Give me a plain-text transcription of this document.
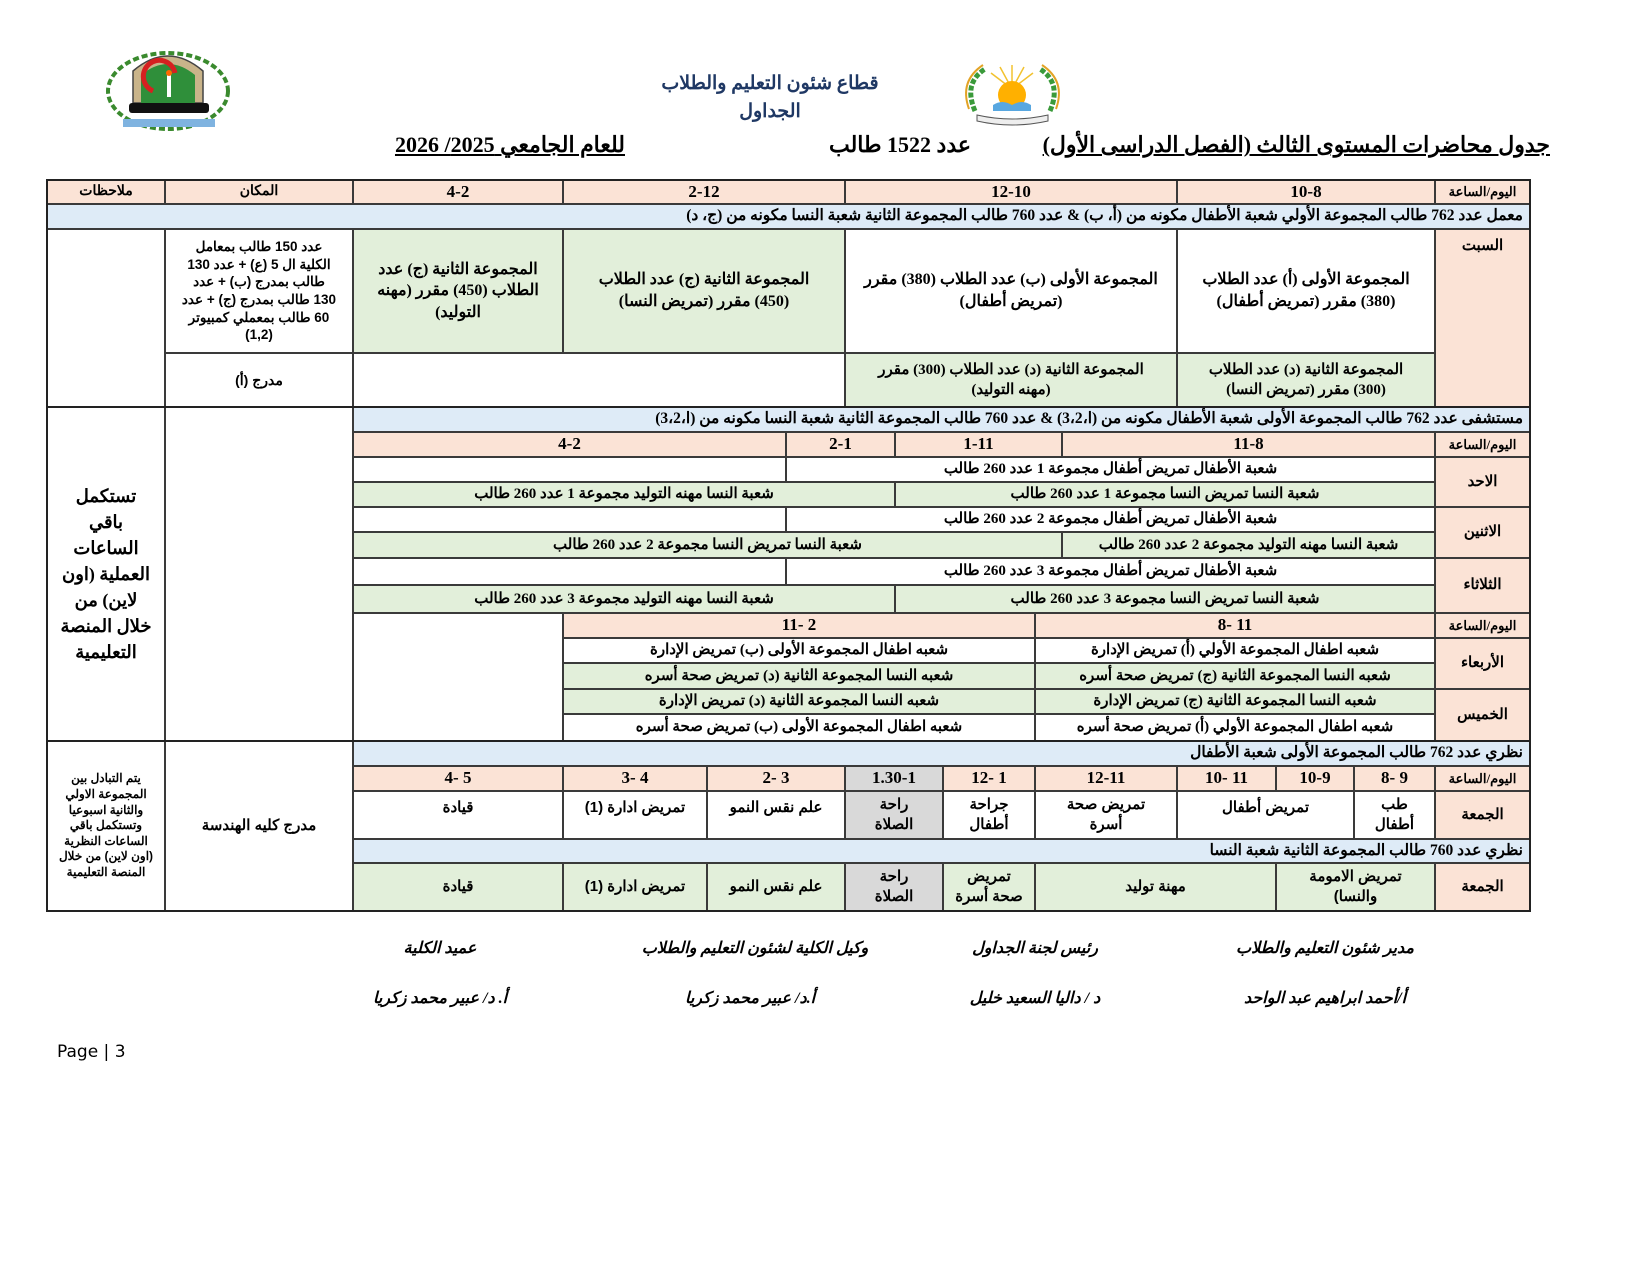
قطاع شئون التعليم والطلاب
الجداول
جدول محاضرات المستوى الثالث (الفصل الدراسى الأول)
عدد 1522 طالب
للعام الجامعي 2025/ 2026
اليوم/الساعة
10-8
12-10
2-12
4-2
المكان
ملاحظات
معمل عدد 762 طالب المجموعة الأولي شعبة الأطفال مكونه من (أ، ب) & عدد 760 طالب المجموعة الثانية شعبة النسا مكونه من (ج، د)
السبت
المجموعة الأولى (أ) عدد الطلاب (380) مقرر (تمريض أطفال)
المجموعة الأولى (ب) عدد الطلاب (380) مقرر (تمريض أطفال)
المجموعة الثانية (ج) عدد الطلاب (450) مقرر (تمريض النسا)
المجموعة الثانية (ج) عدد الطلاب (450) مقرر (مهنه التوليد)
عدد 150 طالب بمعامل الكلية ال 5 (ع) + عدد 130 طالب بمدرج (ب) + عدد 130 طالب بمدرج (ج) + عدد 60 طالب بمعملي كمبيوتر (1,2)
المجموعة الثانية (د) عدد الطلاب (300) مقرر (تمريض النسا)
المجموعة الثانية (د) عدد الطلاب (300) مقرر (مهنه التوليد)
مدرج (أ)
مستشفى عدد 762 طالب المجموعة الأولى شعبة الأطفال مكونه من (ا،3،2) & عدد 760 طالب المجموعة الثانية شعبة النسا مكونه من (ا،3،2)
تستكمل باقي الساعات العملية (اون لاين) من خلال المنصة التعليمية
اليوم/الساعة
11-8
1-11
2-1
4-2
الاحد
شعبة الأطفال تمريض أطفال مجموعة 1 عدد 260 طالب
شعبة النسا تمريض النسا مجموعة 1 عدد 260 طالب
شعبة النسا مهنه التوليد مجموعة 1 عدد 260 طالب
الاثنين
شعبة الأطفال تمريض أطفال مجموعة 2 عدد 260 طالب
شعبة النسا مهنه التوليد مجموعة 2 عدد 260 طالب
شعبة النسا تمريض النسا مجموعة 2 عدد 260 طالب
الثلاثاء
شعبة الأطفال تمريض أطفال مجموعة 3 عدد 260 طالب
شعبة النسا تمريض النسا مجموعة 3 عدد 260 طالب
شعبة النسا مهنه التوليد مجموعة 3 عدد 260 طالب
اليوم/الساعة
11 -8
2 -11
الأربعاء
شعبه اطفال المجموعة الأولي (أ) تمريض الإدارة
شعبه اطفال المجموعة الأولى (ب) تمريض الإدارة
شعبه النسا المجموعة الثانية (ج) تمريض صحة أسره
شعبه النسا المجموعة الثانية (د) تمريض صحة أسره
الخميس
شعبه النسا المجموعة الثانية (ج) تمريض الإدارة
شعبه النسا المجموعة الثانية (د) تمريض الإدارة
شعبه اطفال المجموعة الأولي (أ) تمريض صحة أسره
شعبه اطفال المجموعة الأولى (ب) تمريض صحة أسره
نظري عدد 762 طالب المجموعة الأولى شعبة الأطفال
مدرج كليه الهندسة
يتم التبادل بين المجموعة الاولي والثانية اسبوعيا وتستكمل باقي الساعات النظرية (اون لاين) من خلال المنصة التعليمية
اليوم/الساعة
9 -8
10-9
11 -10
12-11
1 -12
1.30-1
3 -2
4 -3
5 -4
الجمعة
طب أطفال
تمريض أطفال
تمريض صحة أسرة
جراحة أطفال
راحة الصلاة
علم نقس النمو
تمريض ادارة (1)
قيادة
نظري عدد 760 طالب المجموعة الثانية شعبة النسا
الجمعة
تمريض الامومة والنسا)
مهنة توليد
تمريض صحة أسرة
راحة الصلاة
علم نقس النمو
تمريض ادارة (1)
قيادة
مدير شئون التعليم والطلاب
رئيس لجنة الجداول
وكيل الكلية لشئون التعليم والطلاب
عميد الكلية
أ/أحمد ابراهيم عبد الواحد
د / داليا السعيد خليل
أ.د/ عبير محمد زكريا
أ. د/ عبير محمد زكريا
Page | 3
